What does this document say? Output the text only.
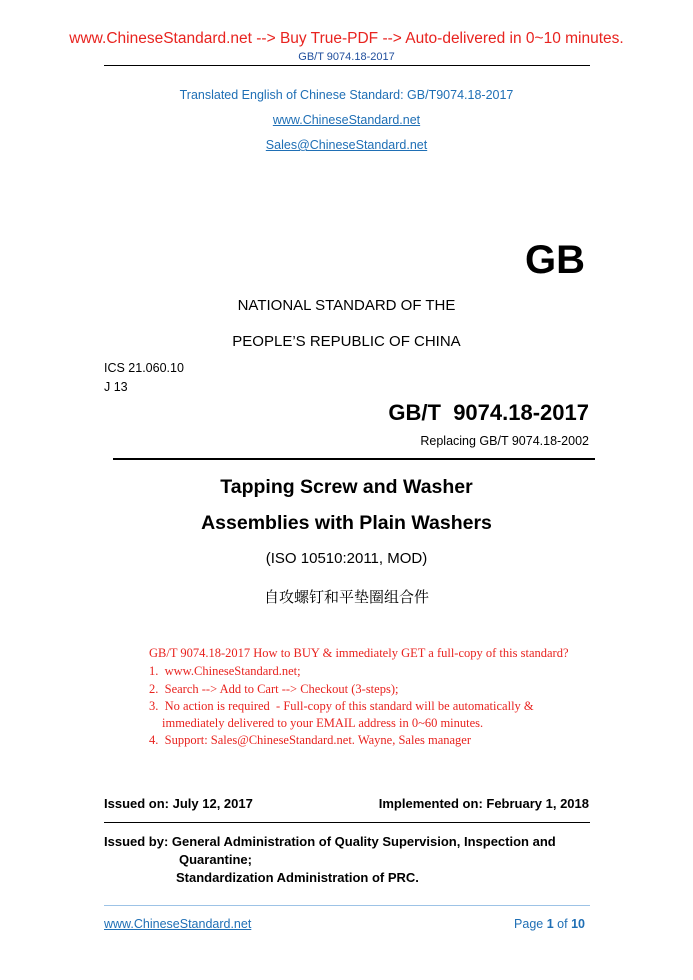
www.ChineseStandard.net --> Buy True-PDF --> Auto-delivered in 0~10 minutes.
GB/T 9074.18-2017
Translated English of Chinese Standard: GB/T9074.18-2017
www.ChineseStandard.net
Sales@ChineseStandard.net
GB
NATIONAL STANDARD OF THE
PEOPLE’S REPUBLIC OF CHINA
ICS 21.060.10
J 13
GB/T  9074.18-2017
Replacing GB/T 9074.18-2002
Tapping Screw and Washer
Assemblies with Plain Washers
(ISO 10510:2011, MOD)
自攻螺钉和平垫圈组合件
GB/T 9074.18-2017 How to BUY & immediately GET a full-copy of this standard?
1.  www.ChineseStandard.net;
2.  Search --> Add to Cart --> Checkout (3-steps);
3.  No action is required  - Full-copy of this standard will be automatically &
immediately delivered to your EMAIL address in 0~60 minutes.
4.  Support: Sales@ChineseStandard.net. Wayne, Sales manager
Issued on: July 12, 2017	Implemented on: February 1, 2018
Issued by: General Administration of Quality Supervision, Inspection and
Quarantine;
Standardization Administration of PRC.
www.ChineseStandard.net	Page 1 of 10
